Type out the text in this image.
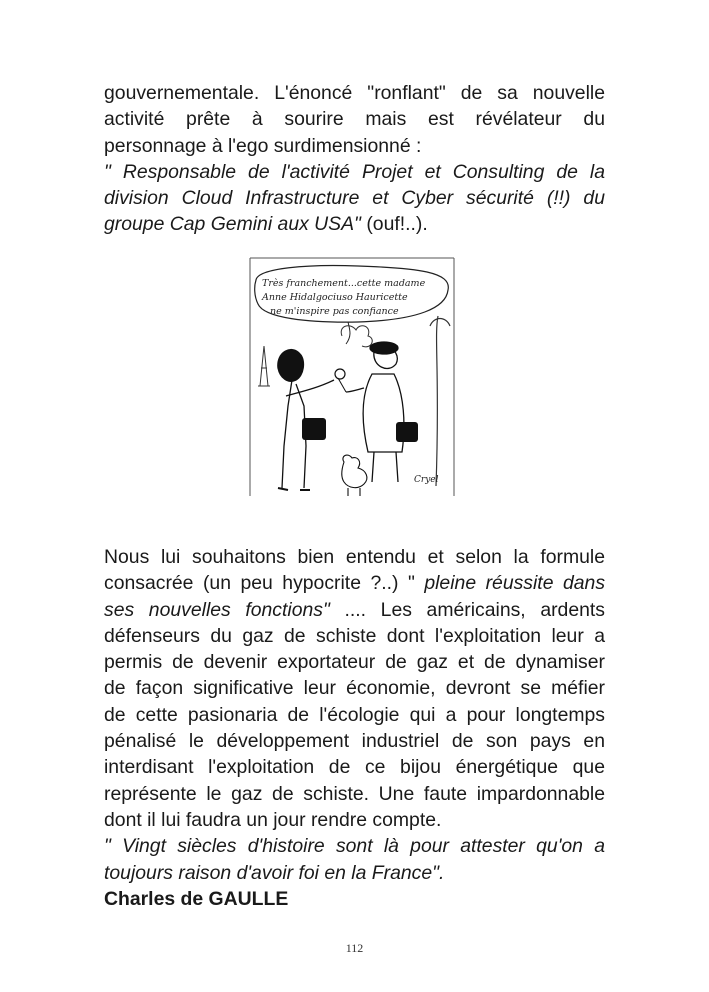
gouvernementale. L'énoncé "ronflant" de sa nouvelle
activité prête à sourire mais est révélateur du
personnage à l'ego surdimensionné :
" Responsable de l'activité Projet et Consulting de la
division Cloud Infrastructure et Cyber sécurité (!!) du
groupe Cap Gemini aux USA" (ouf!..).

Très franchement...cette madame
Anne Hidalgociuso Hauricette
ne m'inspire pas confiance
Cryel

Nous lui souhaitons bien entendu et selon la formule
consacrée (un peu hypocrite ?..) " pleine réussite dans
ses nouvelles fonctions" .... Les américains, ardents
défenseurs du gaz de schiste dont l'exploitation leur a
permis de devenir exportateur de gaz et de dynamiser
de façon significative leur économie, devront se méfier
de cette pasionaria de l'écologie qui a pour longtemps
pénalisé le développement industriel de son pays en
interdisant l'exploitation de ce bijou énergétique que
représente le gaz de schiste. Une faute impardonnable
dont il lui faudra un jour rendre compte.

" Vingt siècles d'histoire sont là pour attester qu'on a
toujours raison d'avoir foi en la France".

Charles de GAULLE
112
